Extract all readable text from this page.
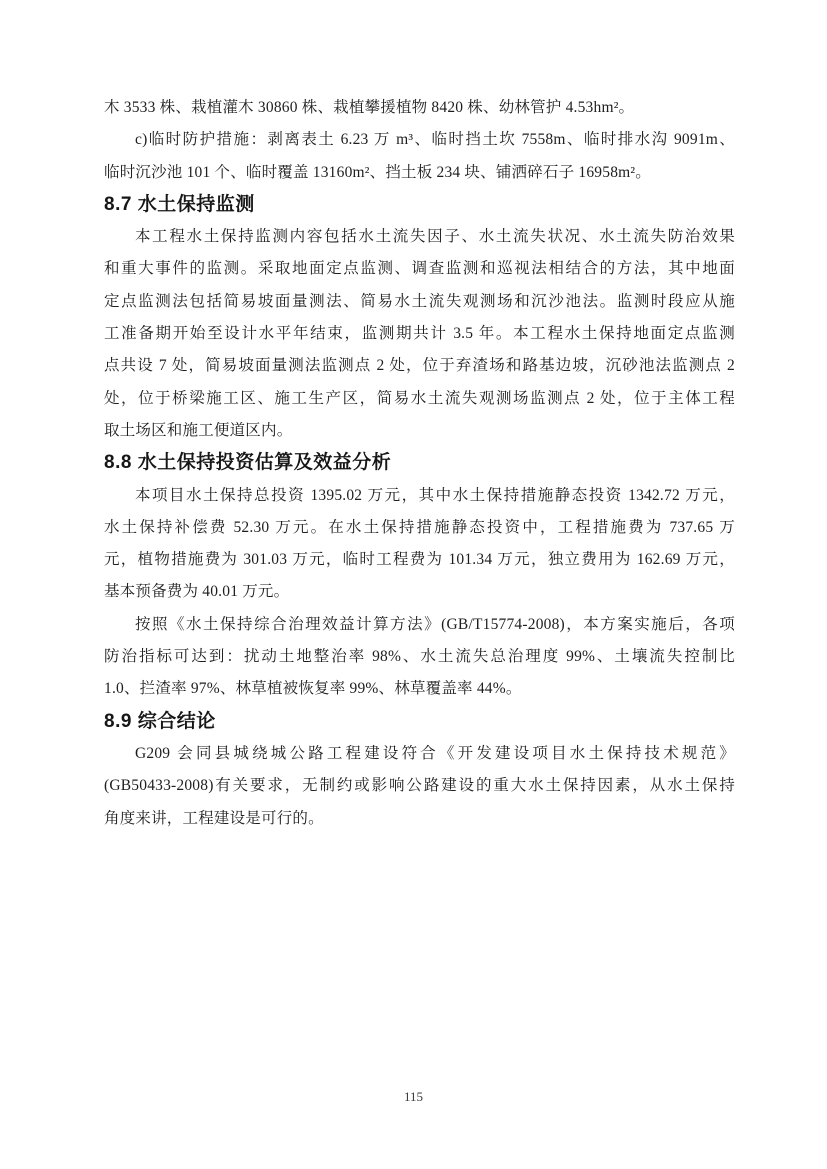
木 3533 株、栽植灌木 30860 株、栽植攀援植物 8420 株、幼林管护 4.53hm²。
c)临时防护措施：剥离表土 6.23 万 m³、临时挡土坎 7558m、临时排水沟 9091m、
临时沉沙池 101 个、临时覆盖 13160m²、挡土板 234 块、铺洒碎石子 16958m²。
8.7 水土保持监测
本工程水土保持监测内容包括水土流失因子、水土流失状况、水土流失防治效果
和重大事件的监测。采取地面定点监测、调查监测和巡视法相结合的方法，其中地面
定点监测法包括简易坡面量测法、简易水土流失观测场和沉沙池法。监测时段应从施
工准备期开始至设计水平年结束，监测期共计 3.5 年。本工程水土保持地面定点监测
点共设 7 处，简易坡面量测法监测点 2 处，位于弃渣场和路基边坡，沉砂池法监测点 2
处，位于桥梁施工区、施工生产区，简易水土流失观测场监测点 2 处，位于主体工程
取土场区和施工便道区内。
8.8 水土保持投资估算及效益分析
本项目水土保持总投资 1395.02 万元，其中水土保持措施静态投资 1342.72 万元，
水土保持补偿费 52.30 万元。在水土保持措施静态投资中，工程措施费为 737.65 万
元，植物措施费为 301.03 万元，临时工程费为 101.34 万元，独立费用为 162.69 万元，
基本预备费为 40.01 万元。
按照《水土保持综合治理效益计算方法》(GB/T15774-2008)，本方案实施后，各项
防治指标可达到：扰动土地整治率 98%、水土流失总治理度 99%、土壤流失控制比
1.0、拦渣率 97%、林草植被恢复率 99%、林草覆盖率 44%。
8.9 综合结论
G209 会同县城绕城公路工程建设符合《开发建设项目水土保持技术规范》
(GB50433-2008)有关要求，无制约或影响公路建设的重大水土保持因素，从水土保持
角度来讲，工程建设是可行的。
115
